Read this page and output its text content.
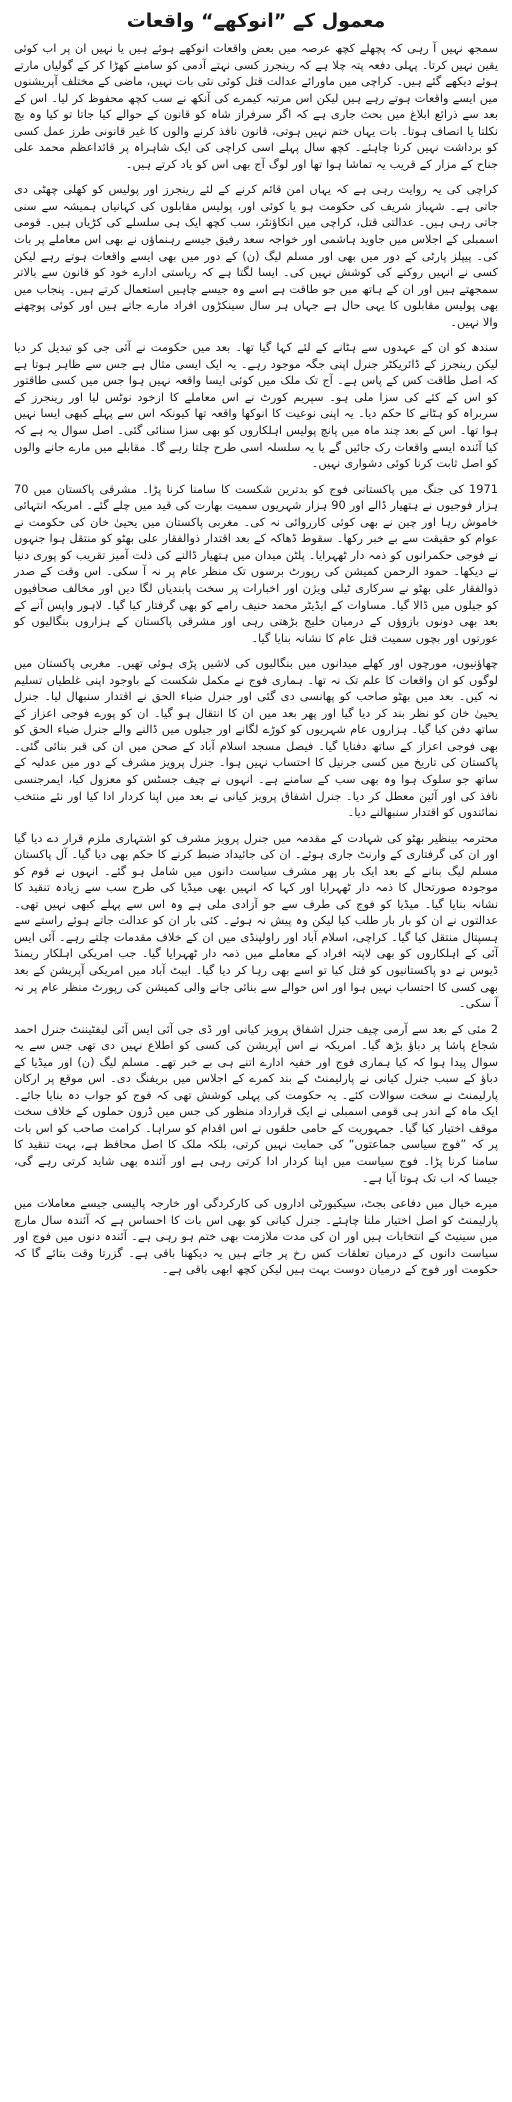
معمول کے ”انوکھے“ واقعات

سمجھ نہیں آ رہی کہ پچھلے کچھ عرصہ میں بعض واقعات انوکھے ہوئے ہیں یا نہیں ان پر اب کوئی یقین نہیں کرتا۔ پہلی دفعہ پتہ چلا ہے کہ رینجرز کسی نہتے آدمی کو سامنے کھڑا کر کے گولیاں مارتے ہوئے دیکھے گئے ہیں۔ کراچی میں ماورائے عدالت قتل کوئی نئی بات نہیں، ماضی کے مختلف آپریشنوں میں ایسے واقعات ہوتے رہے ہیں لیکن اس مرتبہ کیمرے کی آنکھ نے سب کچھ محفوظ کر لیا۔ اس کے بعد سے ذرائع ابلاغ میں بحث جاری ہے کہ اگر سرفراز شاہ کو قانون کے حوالے کیا جاتا تو کیا وہ بچ نکلتا یا انصاف ہوتا۔ بات یہاں ختم نہیں ہوتی، قانون نافذ کرنے والوں کا غیر قانونی طرز عمل کسی کو برداشت نہیں کرنا چاہئے۔ کچھ سال پہلے اسی کراچی کی ایک شاہراہ پر قائداعظم محمد علی جناح کے مزار کے قریب یہ تماشا ہوا تھا اور لوگ آج بھی اس کو یاد کرتے ہیں۔

کراچی کی یہ روایت رہی ہے کہ یہاں امن قائم کرنے کے لئے رینجرز اور پولیس کو کھلی چھٹی دی جاتی ہے۔ شہباز شریف کی حکومت ہو یا کوئی اور، پولیس مقابلوں کی کہانیاں ہمیشہ سے سنی جاتی رہی ہیں۔ عدالتی قتل، کراچی میں انکاؤنٹر، سب کچھ ایک ہی سلسلے کی کڑیاں ہیں۔ قومی اسمبلی کے اجلاس میں جاوید ہاشمی اور خواجہ سعد رفیق جیسے رہنماؤں نے بھی اس معاملے پر بات کی۔ پیپلز پارٹی کے دور میں بھی اور مسلم لیگ (ن) کے دور میں بھی ایسے واقعات ہوتے رہے لیکن کسی نے انہیں روکنے کی کوشش نہیں کی۔ ایسا لگتا ہے کہ ریاستی ادارے خود کو قانون سے بالاتر سمجھتے ہیں اور ان کے ہاتھ میں جو طاقت ہے اسے وہ جیسے چاہیں استعمال کرتے ہیں۔ پنجاب میں بھی پولیس مقابلوں کا یہی حال ہے جہاں ہر سال سینکڑوں افراد مارے جاتے ہیں اور کوئی پوچھنے والا نہیں۔

سندھ کو ان کے عہدوں سے ہٹانے کے لئے کہا گیا تھا۔ بعد میں حکومت نے آئی جی کو تبدیل کر دیا لیکن رینجرز کے ڈائریکٹر جنرل اپنی جگہ موجود رہے۔ یہ ایک ایسی مثال ہے جس سے ظاہر ہوتا ہے کہ اصل طاقت کس کے پاس ہے۔ آج تک ملک میں کوئی ایسا واقعہ نہیں ہوا جس میں کسی طاقتور کو اس کے کئے کی سزا ملی ہو۔ سپریم کورٹ نے اس معاملے کا ازخود نوٹس لیا اور رینجرز کے سربراہ کو ہٹانے کا حکم دیا۔ یہ اپنی نوعیت کا انوکھا واقعہ تھا کیونکہ اس سے پہلے کبھی ایسا نہیں ہوا تھا۔ اس کے بعد چند ماہ میں پانچ پولیس اہلکاروں کو بھی سزا سنائی گئی۔ اصل سوال یہ ہے کہ کیا آئندہ ایسے واقعات رک جائیں گے یا یہ سلسلہ اسی طرح چلتا رہے گا۔ مقابلے میں مارے جانے والوں کو اصل ثابت کرنا کوئی دشواری نہیں۔

1971 کی جنگ میں پاکستانی فوج کو بدترین شکست کا سامنا کرنا پڑا۔ مشرقی پاکستان میں 70 ہزار فوجیوں نے ہتھیار ڈالے اور 90 ہزار شہریوں سمیت بھارت کی قید میں چلے گئے۔ امریکہ انتہائی خاموش رہا اور چین نے بھی کوئی کارروائی نہ کی۔ مغربی پاکستان میں یحییٰ خان کی حکومت نے عوام کو حقیقت سے بے خبر رکھا۔ سقوط ڈھاکہ کے بعد اقتدار ذوالفقار علی بھٹو کو منتقل ہوا جنہوں نے فوجی حکمرانوں کو ذمہ دار ٹھہرایا۔ پلٹن میدان میں ہتھیار ڈالنے کی ذلت آمیز تقریب کو پوری دنیا نے دیکھا۔ حمود الرحمن کمیشن کی رپورٹ برسوں تک منظر عام پر نہ آ سکی۔ اس وقت کے صدر ذوالفقار علی بھٹو نے سرکاری ٹیلی ویژن اور اخبارات پر سخت پابندیاں لگا دیں اور مخالف صحافیوں کو جیلوں میں ڈالا گیا۔ مساوات کے ایڈیٹر محمد حنیف رامے کو بھی گرفتار کیا گیا۔ لاہور واپس آنے کے بعد بھی دونوں بازوؤں کے درمیان خلیج بڑھتی رہی اور مشرقی پاکستان کے ہزاروں بنگالیوں کو عورتوں اور بچوں سمیت قتل عام کا نشانہ بنایا گیا۔

چھاؤنیوں، مورچوں اور کھلے میدانوں میں بنگالیوں کی لاشیں پڑی ہوئی تھیں۔ مغربی پاکستان میں لوگوں کو ان واقعات کا علم تک نہ تھا۔ ہماری فوج نے مکمل شکست کے باوجود اپنی غلطیاں تسلیم نہ کیں۔ بعد میں بھٹو صاحب کو پھانسی دی گئی اور جنرل ضیاء الحق نے اقتدار سنبھال لیا۔ جنرل یحییٰ خان کو نظر بند کر دیا گیا اور پھر بعد میں ان کا انتقال ہو گیا۔ ان کو پورے فوجی اعزاز کے ساتھ دفن کیا گیا۔ ہزاروں عام شہریوں کو کوڑے لگانے اور جیلوں میں ڈالنے والے جنرل ضیاء الحق کو بھی فوجی اعزاز کے ساتھ دفنایا گیا۔ فیصل مسجد اسلام آباد کے صحن میں ان کی قبر بنائی گئی۔ پاکستان کی تاریخ میں کسی جرنیل کا احتساب نہیں ہوا۔ جنرل پرویز مشرف کے دور میں عدلیہ کے ساتھ جو سلوک ہوا وہ بھی سب کے سامنے ہے۔ انہوں نے چیف جسٹس کو معزول کیا، ایمرجنسی نافذ کی اور آئین معطل کر دیا۔ جنرل اشفاق پرویز کیانی نے بعد میں اپنا کردار ادا کیا اور نئے منتخب نمائندوں کو اقتدار سنبھالنے دیا۔

محترمہ بینظیر بھٹو کی شہادت کے مقدمہ میں جنرل پرویز مشرف کو اشتہاری ملزم قرار دے دیا گیا اور ان کی گرفتاری کے وارنٹ جاری ہوئے۔ ان کی جائیداد ضبط کرنے کا حکم بھی دیا گیا۔ آل پاکستان مسلم لیگ بنانے کے بعد ایک بار پھر مشرف سیاست دانوں میں شامل ہو گئے۔ انہوں نے قوم کو موجودہ صورتحال کا ذمہ دار ٹھہرایا اور کہا کہ انہیں بھی میڈیا کی طرح سب سے زیادہ تنقید کا نشانہ بنایا گیا۔ میڈیا کو فوج کی طرف سے جو آزادی ملی ہے وہ اس سے پہلے کبھی نہیں تھی۔ عدالتوں نے ان کو بار بار طلب کیا لیکن وہ پیش نہ ہوئے۔ کئی بار ان کو عدالت جاتے ہوئے راستے سے ہسپتال منتقل کیا گیا۔ کراچی، اسلام آباد اور راولپنڈی میں ان کے خلاف مقدمات چلتے رہے۔ آئی ایس آئی کے اہلکاروں کو بھی لاپتہ افراد کے معاملے میں ذمہ دار ٹھہرایا گیا۔ جب امریکی اہلکار ریمنڈ ڈیوس نے دو پاکستانیوں کو قتل کیا تو اسے بھی رہا کر دیا گیا۔ ایبٹ آباد میں امریکی آپریشن کے بعد بھی کسی کا احتساب نہیں ہوا اور اس حوالے سے بنائی جانے والی کمیشن کی رپورٹ منظر عام پر نہ آ سکی۔

2 مئی کے بعد سے آرمی چیف جنرل اشفاق پرویز کیانی اور ڈی جی آئی ایس آئی لیفٹیننٹ جنرل احمد شجاع پاشا پر دباؤ بڑھ گیا۔ امریکہ نے اس آپریشن کی کسی کو اطلاع نہیں دی تھی جس سے یہ سوال پیدا ہوا کہ کیا ہماری فوج اور خفیہ ادارے اتنے ہی بے خبر تھے۔ مسلم لیگ (ن) اور میڈیا کے دباؤ کے سبب جنرل کیانی نے پارلیمنٹ کے بند کمرے کے اجلاس میں بریفنگ دی۔ اس موقع پر ارکان پارلیمنٹ نے سخت سوالات کئے۔ یہ حکومت کی پہلی کوشش تھی کہ فوج کو جواب دہ بنایا جائے۔ ایک ماہ کے اندر ہی قومی اسمبلی نے ایک قرارداد منظور کی جس میں ڈرون حملوں کے خلاف سخت موقف اختیار کیا گیا۔ جمہوریت کے حامی حلقوں نے اس اقدام کو سراہا۔ کرامت صاحب کو اس بات پر کہ ”فوج سیاسی جماعتوں“ کی حمایت نہیں کرتی، بلکہ ملک کا اصل محافظ ہے، بہت تنقید کا سامنا کرنا پڑا۔ فوج سیاست میں اپنا کردار ادا کرتی رہی ہے اور آئندہ بھی شاید کرتی رہے گی، جیسا کہ اب تک ہوتا آیا ہے۔

میرے خیال میں دفاعی بجٹ، سیکیورٹی اداروں کی کارکردگی اور خارجہ پالیسی جیسے معاملات میں پارلیمنٹ کو اصل اختیار ملنا چاہئے۔ جنرل کیانی کو بھی اس بات کا احساس ہے کہ آئندہ سال مارچ میں سینیٹ کے انتخابات ہیں اور ان کی مدت ملازمت بھی ختم ہو رہی ہے۔ آئندہ دنوں میں فوج اور سیاست دانوں کے درمیان تعلقات کس رخ پر جاتے ہیں یہ دیکھنا باقی ہے۔ گزرتا وقت بتائے گا کہ حکومت اور فوج کے درمیان دوست بہت ہیں لیکن کچھ ابھی باقی ہے۔
